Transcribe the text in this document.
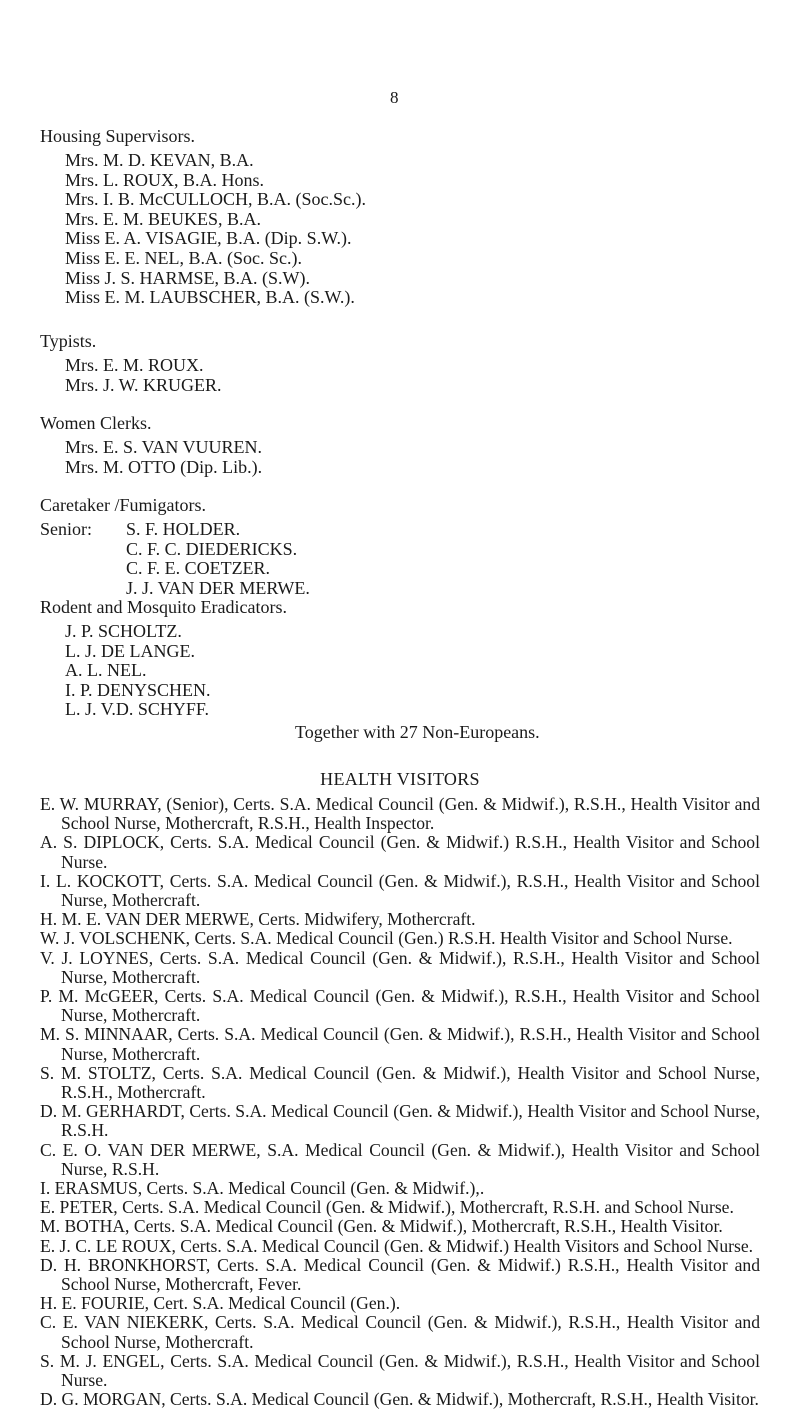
8
Housing Supervisors.
Mrs. M. D. KEVAN, B.A.
Mrs. L. ROUX, B.A. Hons.
Mrs. I. B. McCULLOCH, B.A. (Soc.Sc.).
Mrs. E. M. BEUKES, B.A.
Miss E. A. VISAGIE, B.A. (Dip. S.W.).
Miss E. E. NEL, B.A. (Soc. Sc.).
Miss J. S. HARMSE, B.A. (S.W).
Miss E. M. LAUBSCHER, B.A. (S.W.).
Typists.
Mrs. E. M. ROUX.
Mrs. J. W. KRUGER.
Women Clerks.
Mrs. E. S. VAN VUUREN.
Mrs. M. OTTO (Dip. Lib.).
Caretaker /Fumigators.
Senior:	S. F. HOLDER.
C. F. C. DIEDERICKS.
C. F. E. COETZER.
J. J. VAN DER MERWE.
Rodent and Mosquito Eradicators.
J. P. SCHOLTZ.
L. J. DE LANGE.
A. L. NEL.
I. P. DENYSCHEN.
L. J. V.D. SCHYFF.
Together with 27 Non-Europeans.
HEALTH VISITORS
E. W. MURRAY, (Senior), Certs. S.A. Medical Council (Gen. & Midwif.), R.S.H., Health Visitor and School Nurse, Mothercraft, R.S.H., Health Inspector.
A. S. DIPLOCK, Certs. S.A. Medical Council (Gen. & Midwif.) R.S.H., Health Visitor and School Nurse.
I. L. KOCKOTT, Certs. S.A. Medical Council (Gen. & Midwif.), R.S.H., Health Visitor and School Nurse, Mothercraft.
H. M. E. VAN DER MERWE, Certs. Midwifery, Mothercraft.
W. J. VOLSCHENK, Certs. S.A. Medical Council (Gen.) R.S.H. Health Visitor and School Nurse.
V. J. LOYNES, Certs. S.A. Medical Council (Gen. & Midwif.), R.S.H., Health Visitor and School Nurse, Mothercraft.
P. M. McGEER, Certs. S.A. Medical Council (Gen. & Midwif.), R.S.H., Health Visitor and School Nurse, Mothercraft.
M. S. MINNAAR, Certs. S.A. Medical Council (Gen. & Midwif.), R.S.H., Health Visitor and School Nurse, Mothercraft.
S. M. STOLTZ, Certs. S.A. Medical Council (Gen. & Midwif.), Health Visitor and School Nurse, R.S.H., Mothercraft.
D. M. GERHARDT, Certs. S.A. Medical Council (Gen. & Midwif.), Health Visitor and School Nurse, R.S.H.
C. E. O. VAN DER MERWE, S.A. Medical Council (Gen. & Midwif.), Health Visitor and School Nurse, R.S.H.
I. ERASMUS, Certs. S.A. Medical Council (Gen. & Midwif.),.
E. PETER, Certs. S.A. Medical Council (Gen. & Midwif.), Mothercraft, R.S.H. and School Nurse.
M. BOTHA, Certs. S.A. Medical Council (Gen. & Midwif.), Mothercraft, R.S.H., Health Visitor.
E. J. C. LE ROUX, Certs. S.A. Medical Council (Gen. & Midwif.) Health Visitors and School Nurse.
D. H. BRONKHORST, Certs. S.A. Medical Council (Gen. & Midwif.) R.S.H., Health Visitor and School Nurse, Mothercraft, Fever.
H. E. FOURIE, Cert. S.A. Medical Council (Gen.).
C. E. VAN NIEKERK, Certs. S.A. Medical Council (Gen. & Midwif.), R.S.H., Health Visitor and School Nurse, Mothercraft.
S. M. J. ENGEL, Certs. S.A. Medical Council (Gen. & Midwif.), R.S.H., Health Visitor and School Nurse.
D. G. MORGAN, Certs. S.A. Medical Council (Gen. & Midwif.), Mothercraft, R.S.H., Health Visitor.
